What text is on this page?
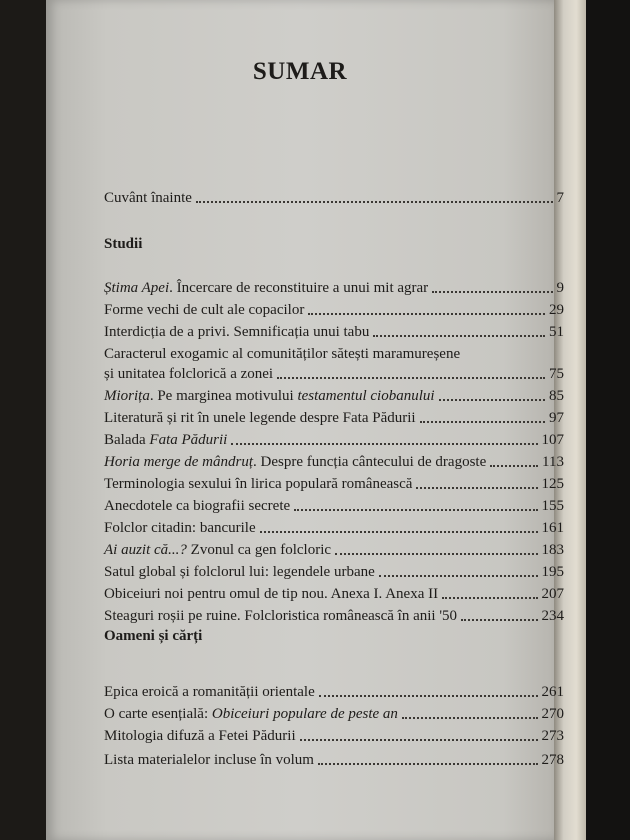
SUMAR
Cuvânt înainte	7
Studii
Știma Apei. Încercare de reconstituire a unui mit agrar	9
Forme vechi de cult ale copacilor	29
Interdicția de a privi. Semnificația unui tabu	51
Caracterul exogamic al comunităților sătești maramureșene
și unitatea folclorică a zonei	75
Miorița. Pe marginea motivului testamentul ciobanului	85
Literatură și rit în unele legende despre Fata Pădurii	97
Balada Fata Pădurii	107
Horia merge de mândruț. Despre funcția cântecului de dragoste	113
Terminologia sexului în lirica populară românească	125
Anecdotele ca biografii secrete	155
Folclor citadin: bancurile	161
Ai auzit că...? Zvonul ca gen folcloric	183
Satul global și folclorul lui: legendele urbane	195
Obiceiuri noi pentru omul de tip nou. Anexa I. Anexa II	207
Steaguri roșii pe ruine. Folcloristica românească în anii '50	234
Oameni și cărți
Epica eroică a romanității orientale	261
O carte esențială: Obiceiuri populare de peste an	270
Mitologia difuză a Fetei Pădurii	273
Lista materialelor incluse în volum	278
